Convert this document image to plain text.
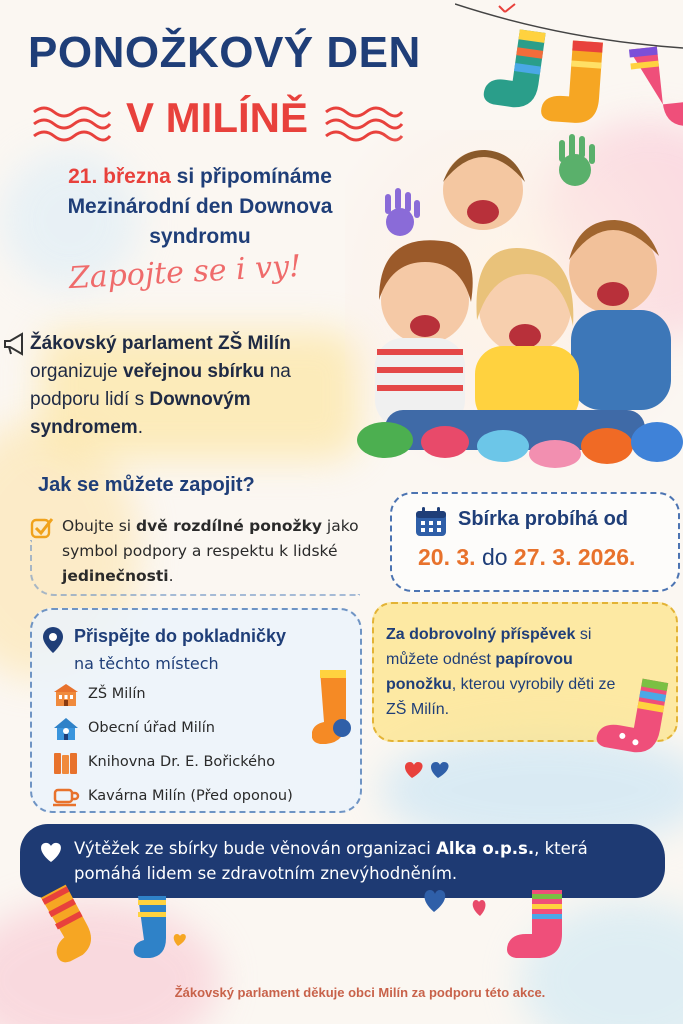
PONOŽKOVÝ DEN
V MILÍNĚ
21. března si připomínáme
Mezinárodní den Downova syndromu
Zapojte se i vy!
Žákovský parlament ZŠ Milín organizuje veřejnou sbírku na podporu lidí s Downovým syndromem.
Jak se můžete zapojit?
Obujte si dvě rozdílné ponožky jako symbol podpory a respektu k lidské jedinečnosti.
Sbírka probíhá od
20. 3. do 27. 3. 2026.
Přispějte do pokladničky
na těchto místech
ZŠ Milín
Obecní úřad Milín
Knihovna Dr. E. Bořického
Kavárna Milín (Před oponou)
Za dobrovolný příspěvek si můžete odnést papírovou ponožku, kterou vyrobily děti ze ZŠ Milín.
Výtěžek ze sbírky bude věnován organizaci Alka o.p.s., která pomáhá lidem se zdravotním znevýhodněním.
Žákovský parlament děkuje obci Milín za podporu této akce.
